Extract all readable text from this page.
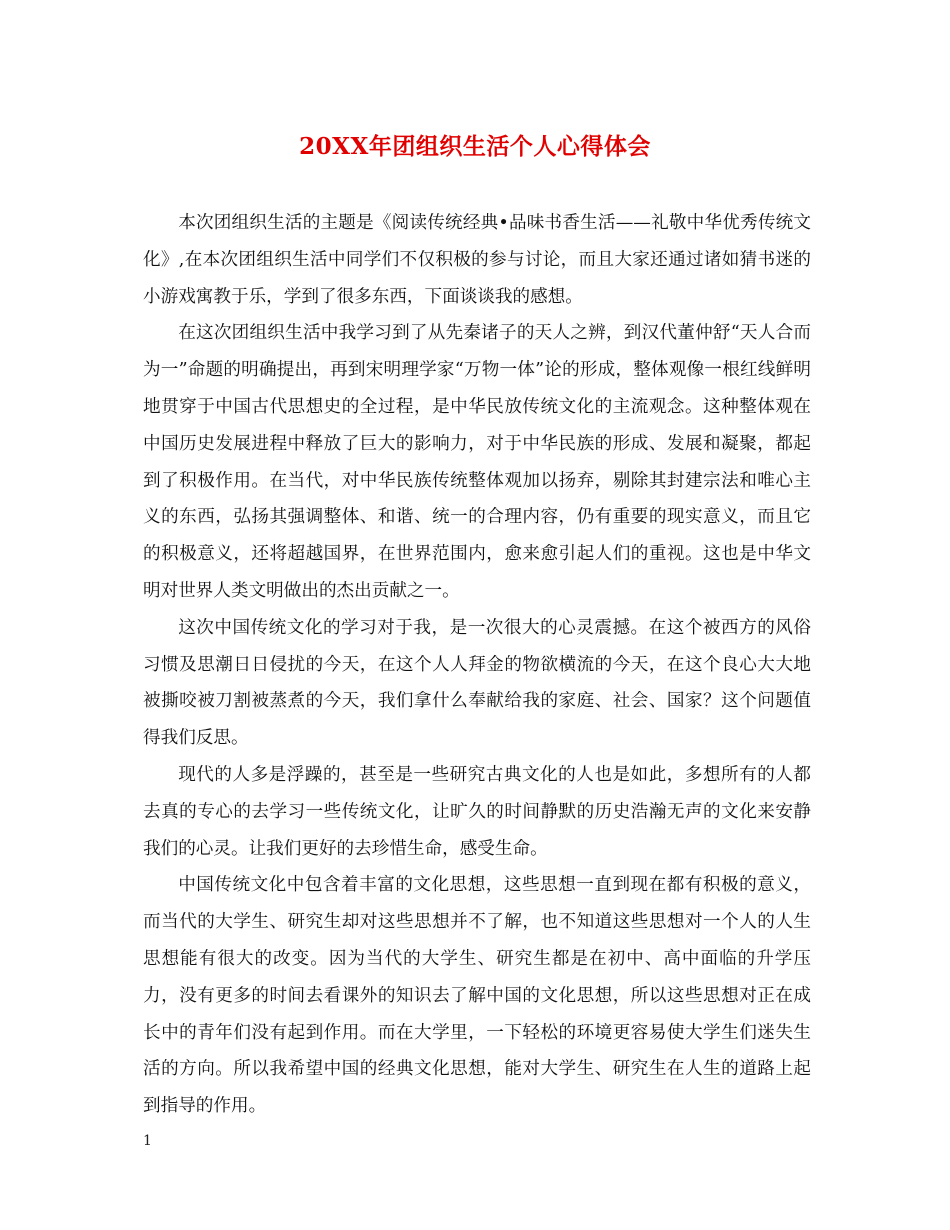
20XX年团组织生活个人心得体会

本次团组织生活的主题是《阅读传统经典•品味书香生活——礼敬中华优秀传统文化》,在本次团组织生活中同学们不仅积极的参与讨论，而且大家还通过诸如猜书迷的小游戏寓教于乐，学到了很多东西，下面谈谈我的感想。

在这次团组织生活中我学习到了从先秦诸子的天人之辨，到汉代董仲舒“天人合而为一”命题的明确提出，再到宋明理学家“万物一体”论的形成，整体观像一根红线鲜明地贯穿于中国古代思想史的全过程，是中华民放传统文化的主流观念。这种整体观在中国历史发展进程中释放了巨大的影响力，对于中华民族的形成、发展和凝聚，都起到了积极作用。在当代，对中华民族传统整体观加以扬弃，剔除其封建宗法和唯心主义的东西，弘扬其强调整体、和谐、统一的合理内容，仍有重要的现实意义，而且它的积极意义，还将超越国界，在世界范围内，愈来愈引起人们的重视。这也是中华文明对世界人类文明做出的杰出贡献之一。

这次中国传统文化的学习对于我，是一次很大的心灵震撼。在这个被西方的风俗习惯及思潮日日侵扰的今天，在这个人人拜金的物欲横流的今天，在这个良心大大地被撕咬被刀割被蒸煮的今天，我们拿什么奉献给我的家庭、社会、国家？这个问题值得我们反思。

现代的人多是浮躁的，甚至是一些研究古典文化的人也是如此，多想所有的人都去真的专心的去学习一些传统文化，让旷久的时间静默的历史浩瀚无声的文化来安静我们的心灵。让我们更好的去珍惜生命，感受生命。

中国传统文化中包含着丰富的文化思想，这些思想一直到现在都有积极的意义，而当代的大学生、研究生却对这些思想并不了解，也不知道这些思想对一个人的人生思想能有很大的改变。因为当代的大学生、研究生都是在初中、高中面临的升学压力，没有更多的时间去看课外的知识去了解中国的文化思想，所以这些思想对正在成长中的青年们没有起到作用。而在大学里，一下轻松的环境更容易使大学生们迷失生活的方向。所以我希望中国的经典文化思想，能对大学生、研究生在人生的道路上起到指导的作用。

1
